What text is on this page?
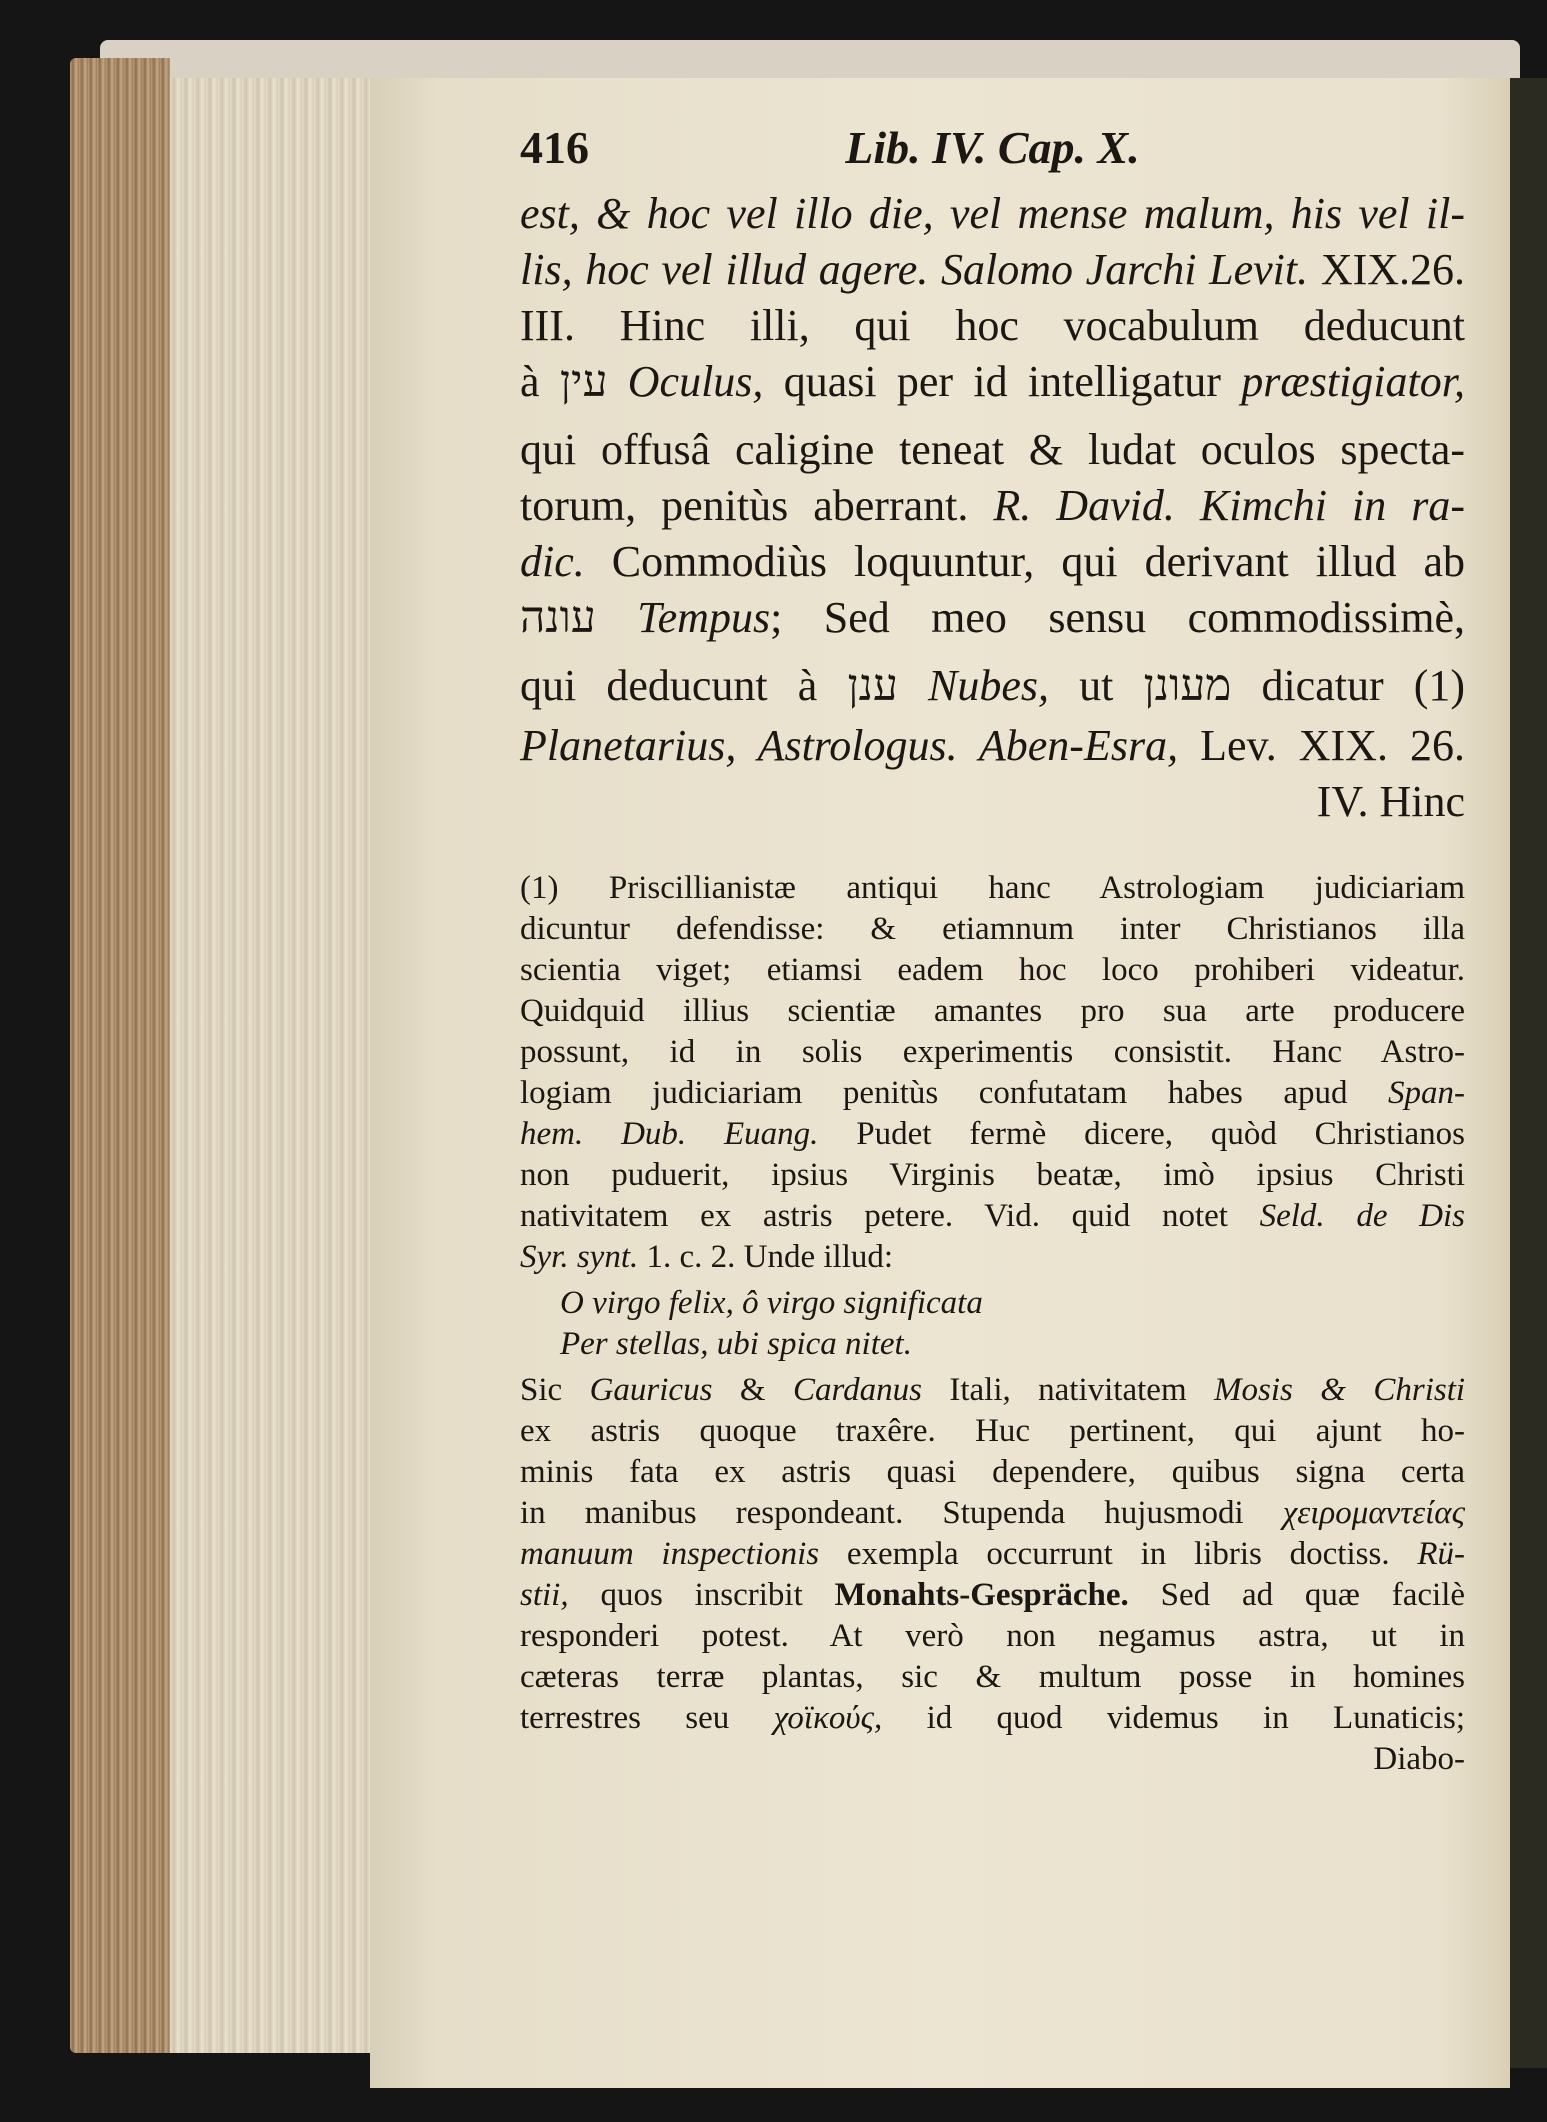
416	Lib. IV. Cap. X.
est, & hoc vel illo die, vel mense malum, his vel il-
lis, hoc vel illud agere. Salomo Jarchi Levit. XIX.26.
III. Hinc illi, qui hoc vocabulum deducunt
à עין Oculus, quasi per id intelligatur præstigiator,
qui offusâ caligine teneat & ludat oculos specta-
torum, penitùs aberrant. R. David. Kimchi in ra-
dic. Commodiùs loquuntur, qui derivant illud ab
עונה Tempus; Sed meo sensu commodissimè,
qui deducunt à ענן Nubes, ut מעונן dicatur (1)
Planetarius, Astrologus. Aben-Esra, Lev. XIX. 26.
IV. Hinc
(1) Priscillianistæ antiqui hanc Astrologiam judiciariam
dicuntur defendisse: & etiamnum inter Christianos illa
scientia viget; etiamsi eadem hoc loco prohiberi videatur.
Quidquid illius scientiæ amantes pro sua arte producere
possunt, id in solis experimentis consistit. Hanc Astro-
logiam judiciariam penitùs confutatam habes apud Span-
hem. Dub. Euang. Pudet fermè dicere, quòd Christianos
non puduerit, ipsius Virginis beatæ, imò ipsius Christi
nativitatem ex astris petere. Vid. quid notet Seld. de Dis
Syr. synt. 1. c. 2. Unde illud:
O virgo felix, ô virgo significata
Per stellas, ubi spica nitet.
Sic Gauricus & Cardanus Itali, nativitatem Mosis & Christi
ex astris quoque traxêre. Huc pertinent, qui ajunt ho-
minis fata ex astris quasi dependere, quibus signa certa
in manibus respondeant. Stupenda hujusmodi χειρομαντείας
manuum inspectionis exempla occurrunt in libris doctiss. Rü-
stii, quos inscribit Monahts-Gespräche. Sed ad quæ facilè
responderi potest. At verò non negamus astra, ut in
cæteras terræ plantas, sic & multum posse in homines
terrestres seu χοϊκούς, id quod videmus in Lunaticis;
Diabo-
